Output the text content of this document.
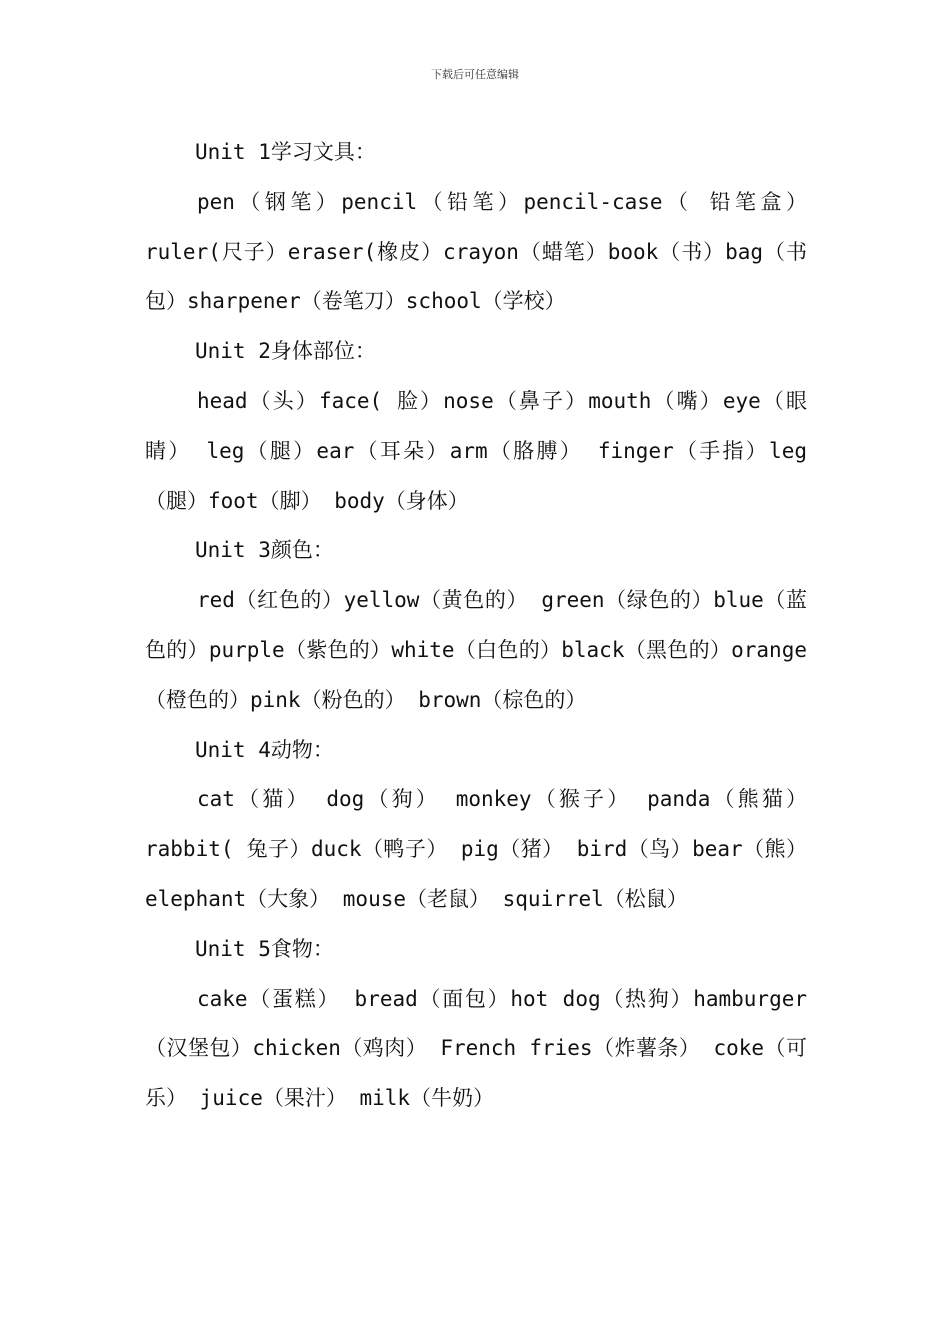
下载后可任意编辑

Unit 1学习文具：

pen（钢笔）pencil（铅笔）pencil-case（ 铅笔盒）ruler(尺子）eraser(橡皮）crayon（蜡笔）book（书）bag（书包）sharpener（卷笔刀）school（学校）

Unit 2身体部位：

head（头）face( 脸）nose（鼻子）mouth（嘴）eye（眼睛） leg（腿）ear（耳朵）arm（胳膊） finger（手指）leg（腿）foot（脚） body（身体）

Unit 3颜色：

red（红色的）yellow（黄色的） green（绿色的）blue（蓝色的）purple（紫色的）white（白色的）black（黑色的）orange（橙色的）pink（粉色的） brown（棕色的）

Unit 4动物：

cat（猫） dog（狗） monkey（猴子） panda（熊猫）rabbit( 兔子）duck（鸭子） pig（猪） bird（鸟）bear（熊） elephant（大象） mouse（老鼠） squirrel（松鼠）

Unit 5食物：

cake（蛋糕） bread（面包）hot dog（热狗）hamburger（汉堡包）chicken（鸡肉） French fries（炸薯条） coke（可乐） juice（果汁） milk（牛奶）
